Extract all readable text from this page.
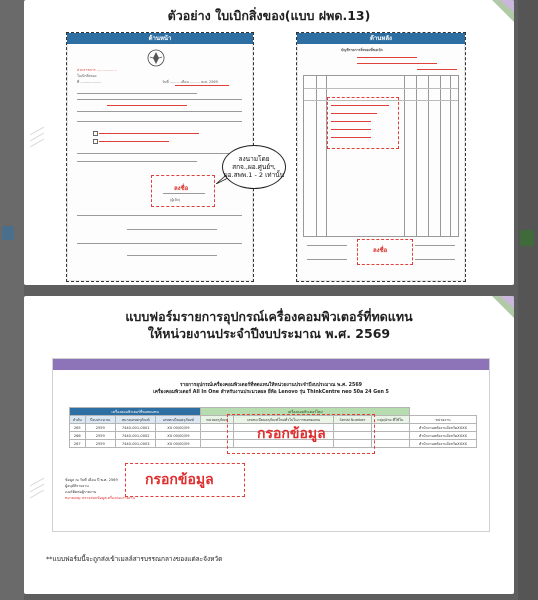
ตัวอย่าง ใบเบิกสิ่งของ(แบบ ฝพด.13)
ด้านหน้า
ส่วนราชการ ..................
ใบเบิกสิ่งของ
ที่ ...................	วันที่ ......... เดือน ......... พ.ศ. 2569
ลงชื่อ
(ผู้เบิก)
ลงนามโดย สกจ.,ผอ.ศูนย์ฯ, ผอ.สพพ.1 - 2 เท่านั้น
ด้านหลัง
บัญชีรายการสิ่งของที่ขอเบิก
ลงชื่อ
แบบฟอร์มรายการอุปกรณ์เครื่องคอมพิวเตอร์ที่ทดแทน
ให้หน่วยงานประจำปีงบประมาณ พ.ศ. 2569
รายการอุปกรณ์เครื่องคอมพิวเตอร์ที่ทดแทนให้หน่วยงานประจำปีงบประมาณ พ.ศ. 2569
เครื่องคอมพิวเตอร์ All In One สำหรับงานประมวลผล ยี่ห้อ Lenovo รุ่น ThinkCentre neo 50a 24 Gen 5
เครื่องคอมพิวเตอร์ที่ขอทดแทน				เครื่องคอมพิวเตอร์ใหม่				
ลำดับ	ปีงบประมาณ	หมายเลขครุภัณฑ์	เลขทะเบียนครุภัณฑ์	หน่วยครุภัณฑ์	เลขทะเบียนครุภัณฑ์ใหม่ทั่วไปในการขอทดแทน	Serial Number	กลุ่ม/ฝ่าย ที่ใช้ใน	หน่วยงาน
265	2559	7440-001-0001	XX 00/00/59					สำนักงานพลังงานจังหวัดXXXX
266	2559	7440-001-0002	XX 00/00/59					สำนักงานพลังงานจังหวัดXXXX
267	2559	7440-001-0003	XX 00/00/59					สำนักงานพลังงานจังหวัดXXXX
กรอกข้อมูล
ข้อมูล ณ วันที่ เดือน ปี พ.ศ. 2569
ผู้อนุมัติรายงาน
เบอร์ติดต่อผู้รายงาน
หมายเหตุ: ตรวจสอบข้อมูลเครื่องก่อนรายงาน
กรอกข้อมูล
**แบบฟอร์มนี้จะถูกส่งเข้าเมลล์สารบรรณกลางของแต่ละจังหวัด
